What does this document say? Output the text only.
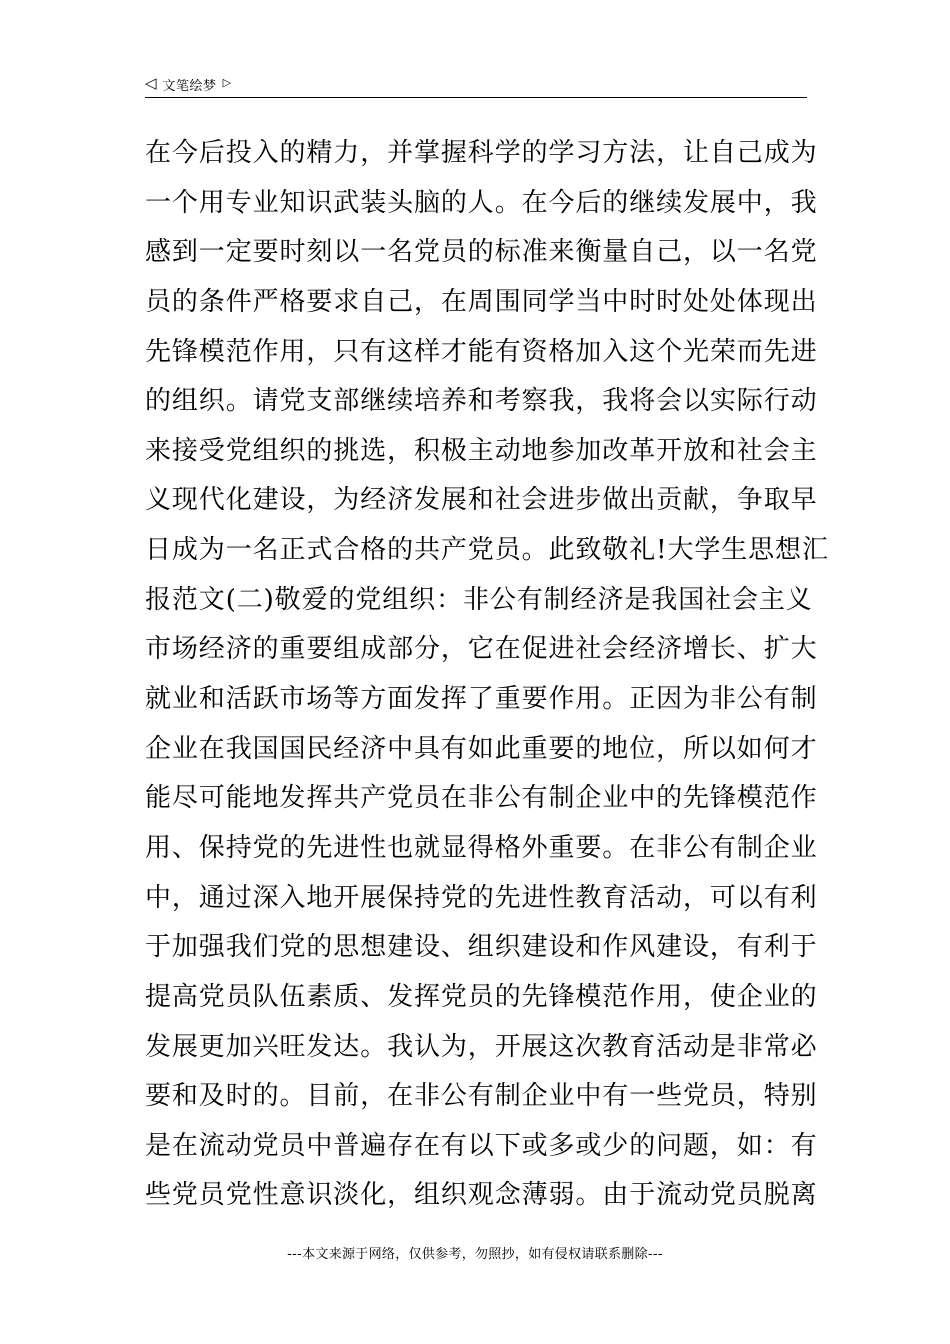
◁ 文笔绘梦 ▷
在今后投入的精力，并掌握科学的学习方法，让自己成为
一个用专业知识武装头脑的人。在今后的继续发展中，我
感到一定要时刻以一名党员的标准来衡量自己，以一名党
员的条件严格要求自己，在周围同学当中时时处处体现出
先锋模范作用，只有这样才能有资格加入这个光荣而先进
的组织。请党支部继续培养和考察我，我将会以实际行动
来接受党组织的挑选，积极主动地参加改革开放和社会主
义现代化建设，为经济发展和社会进步做出贡献，争取早
日成为一名正式合格的共产党员。此致敬礼!大学生思想汇
报范文(二)敬爱的党组织：非公有制经济是我国社会主义
市场经济的重要组成部分，它在促进社会经济增长、扩大
就业和活跃市场等方面发挥了重要作用。正因为非公有制
企业在我国国民经济中具有如此重要的地位，所以如何才
能尽可能地发挥共产党员在非公有制企业中的先锋模范作
用、保持党的先进性也就显得格外重要。在非公有制企业
中，通过深入地开展保持党的先进性教育活动，可以有利
于加强我们党的思想建设、组织建设和作风建设，有利于
提高党员队伍素质、发挥党员的先锋模范作用，使企业的
发展更加兴旺发达。我认为，开展这次教育活动是非常必
要和及时的。目前，在非公有制企业中有一些党员，特别
是在流动党员中普遍存在有以下或多或少的问题，如：有
些党员党性意识淡化，组织观念薄弱。由于流动党员脱离
---本文来源于网络，仅供参考，勿照抄，如有侵权请联系删除---
